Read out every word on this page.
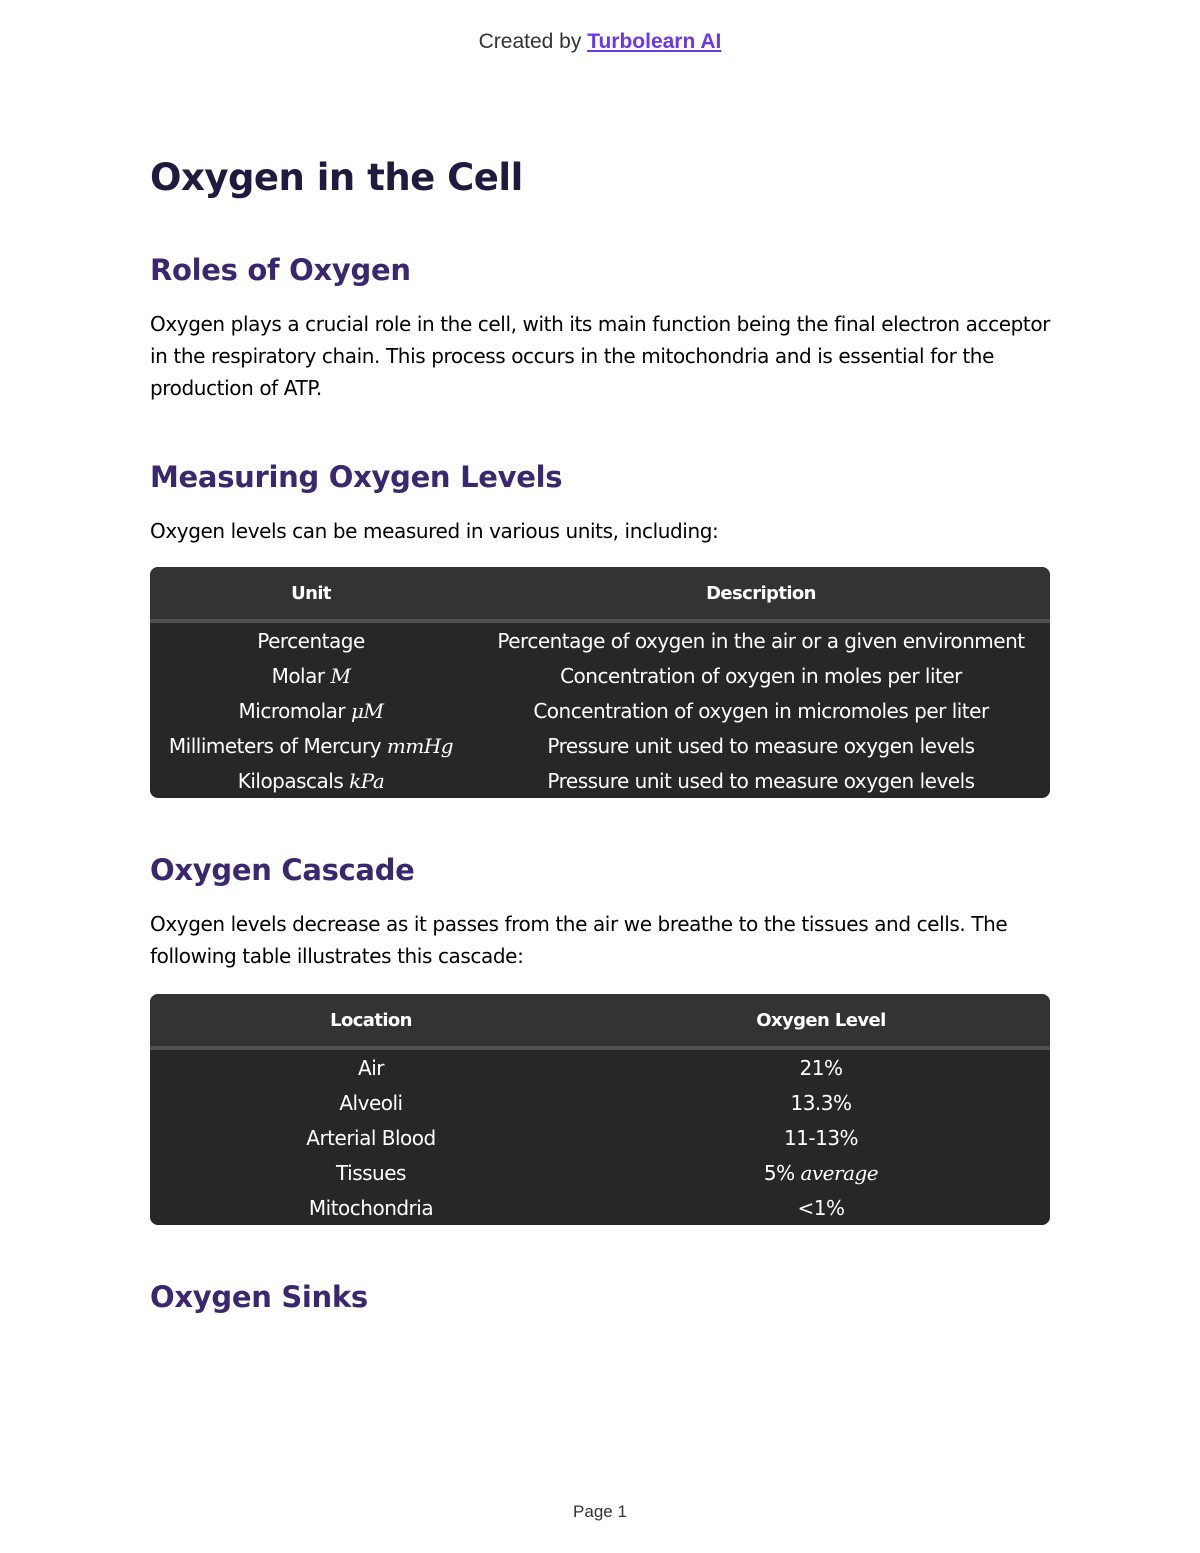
Created by Turbolearn AI
Oxygen in the Cell
Roles of Oxygen

Oxygen plays a crucial role in the cell, with its main function being the final electron acceptor in the respiratory chain. This process occurs in the mitochondria and is essential for the production of ATP.

Measuring Oxygen Levels

Oxygen levels can be measured in various units, including:

Unit	Description
Percentage	Percentage of oxygen in the air or a given environment
Molar M	Concentration of oxygen in moles per liter
Micromolar μM	Concentration of oxygen in micromoles per liter
Millimeters of Mercury mmHg	Pressure unit used to measure oxygen levels
Kilopascals kPa	Pressure unit used to measure oxygen levels
Oxygen Cascade

Oxygen levels decrease as it passes from the air we breathe to the tissues and cells. The following table illustrates this cascade:

Location	Oxygen Level
Air	21%
Alveoli	13.3%
Arterial Blood	11-13%
Tissues	5% average
Mitochondria	<1%
Oxygen Sinks
Page 1
